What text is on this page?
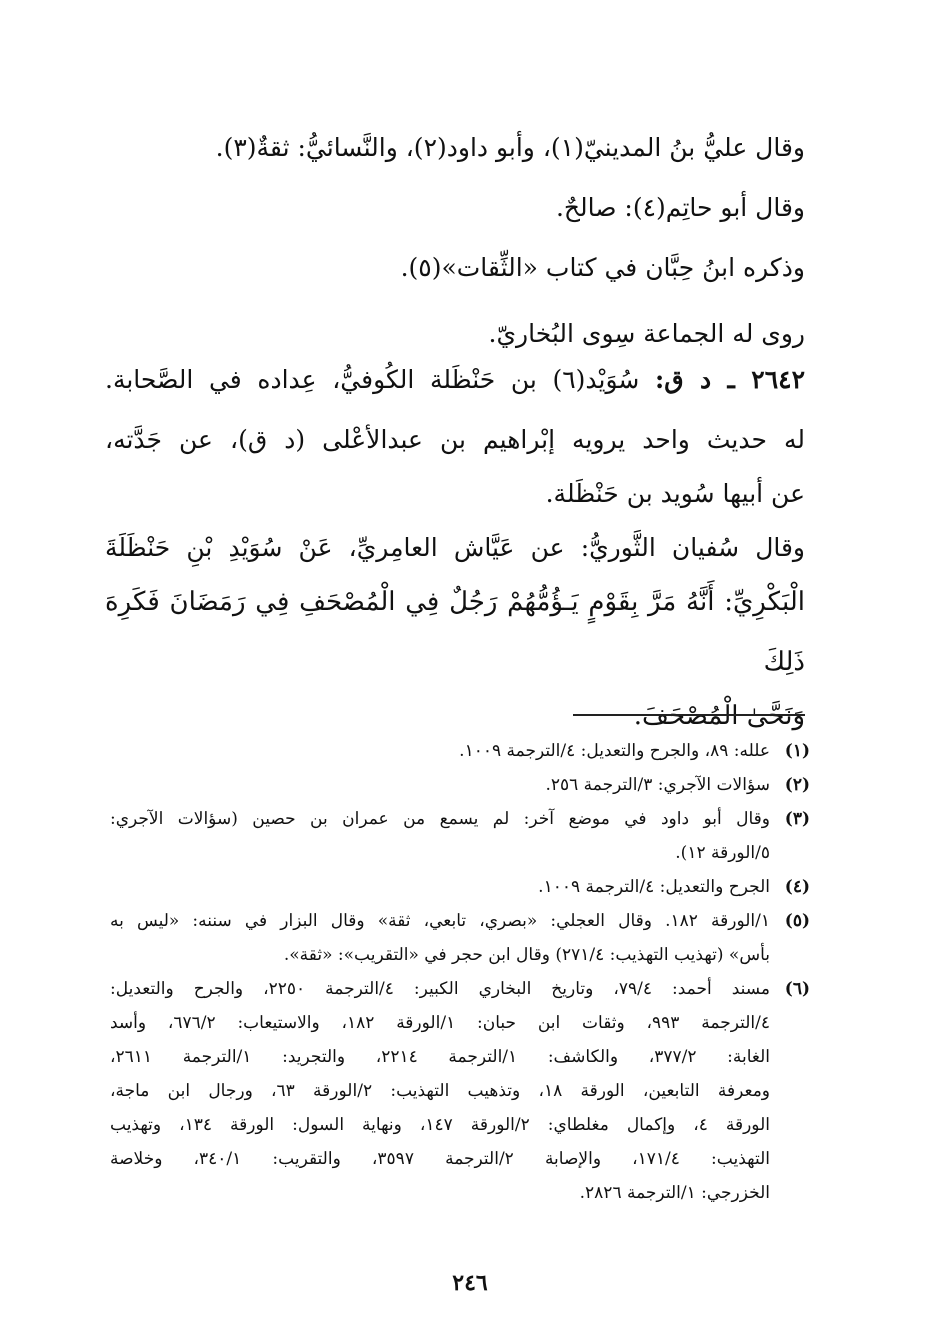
وقال عليُّ بنُ المدينيّ(١)، وأبو داود(٢)، والنَّسائيُّ: ثقةٌ(٣).
وقال أبو حاتِم(٤): صالحٌ.
وذكره ابنُ حِبَّان في كتاب «الثِّقات»(٥).
روى له الجماعة سِوى البُخاريّ.
٢٦٤٢ ـ د ق: سُوَيْد(٦) بن حَنْظَلة الكُوفيُّ، عِداده في الصَّحابة.
له حديث واحد يرويه إبْراهيم بن عبدالأعْلى (د ق)، عن جَدَّته،
عن أبيها سُويد بن حَنْظَلة.
وقال سُفيان الثَّوريُّ: عن عَيَّاش العامِريِّ، عَنْ سُوَيْدِ بْنِ حَنْظَلَةَ
الْبَكْرِيِّ: أَنَّهُ مَرَّ بِقَوْمٍ يَـؤُمُّهُمْ رَجُلٌ فِي الْمُصْحَفِ فِي رَمَضَانَ فَكَرِهَ ذَلِكَ
وَنَحَّىٰ الْمُصْحَفَ.
(١)
علله: ٨٩، والجرح والتعديل: ٤/الترجمة ١٠٠٩.
(٢)
سؤالات الآجري: ٣/الترجمة ٢٥٦.
(٣)
وقال أبو داود في موضع آخر: لم يسمع من عمران بن حصين (سؤالات الآجري:
٥/الورقة ١٢).
(٤)
الجرح والتعديل: ٤/الترجمة ١٠٠٩.
(٥)
١/الورقة ١٨٢. وقال العجلي: «بصري، تابعي، ثقة» وقال البزار في سننه: «ليس به
بأس» (تهذيب التهذيب: ٢٧١/٤) وقال ابن حجر في «التقريب»: «ثقة».
(٦)
مسند أحمد: ٧٩/٤، وتاريخ البخاري الكبير: ٤/الترجمة ٢٢٥٠، والجرح والتعديل:
٤/الترجمة ٩٩٣، وثقات ابن حبان: ١/الورقة ١٨٢، والاستيعاب: ٦٧٦/٢، وأسد
الغابة: ٣٧٧/٢، والكاشف: ١/الترجمة ٢٢١٤، والتجريد: ١/الترجمة ٢٦١١،
ومعرفة التابعين، الورقة ١٨، وتذهيب التهذيب: ٢/الورقة ٦٣، ورجال ابن ماجة،
الورقة ٤، وإكمال مغلطاي: ٢/الورقة ١٤٧، ونهاية السول: الورقة ١٣٤، وتهذيب
التهذيب: ١٧١/٤، والإصابة ٢/الترجمة ٣٥٩٧، والتقريب: ٣٤٠/١، وخلاصة
الخزرجي: ١/الترجمة ٢٨٢٦.
٢٤٦
